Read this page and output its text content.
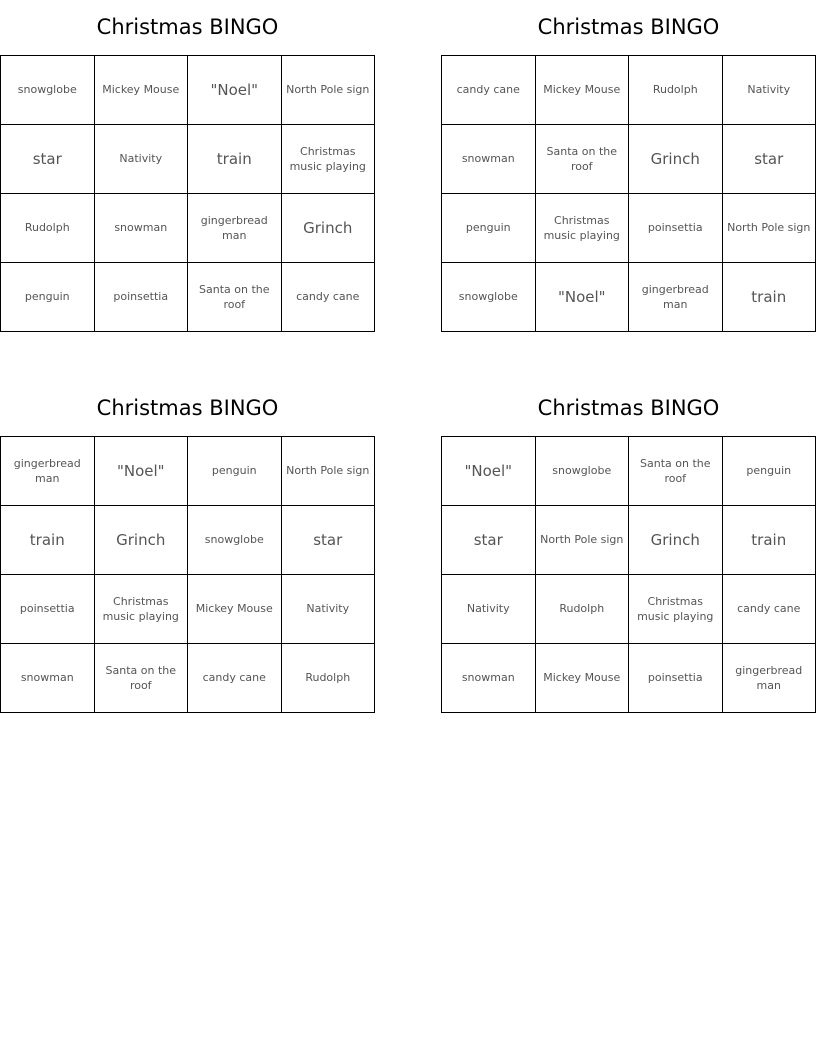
Christmas BINGO
snowglobe	Mickey Mouse	"Noel"	North Pole sign
star	Nativity	train	Christmas music playing
Rudolph	snowman	gingerbread man	Grinch
penguin	poinsettia	Santa on the roof	candy cane
Christmas BINGO
candy cane	Mickey Mouse	Rudolph	Nativity
snowman	Santa on the roof	Grinch	star
penguin	Christmas music playing	poinsettia	North Pole sign
snowglobe	"Noel"	gingerbread man	train
Christmas BINGO
gingerbread man	"Noel"	penguin	North Pole sign
train	Grinch	snowglobe	star
poinsettia	Christmas music playing	Mickey Mouse	Nativity
snowman	Santa on the roof	candy cane	Rudolph
Christmas BINGO
"Noel"	snowglobe	Santa on the roof	penguin
star	North Pole sign	Grinch	train
Nativity	Rudolph	Christmas music playing	candy cane
snowman	Mickey Mouse	poinsettia	gingerbread man
